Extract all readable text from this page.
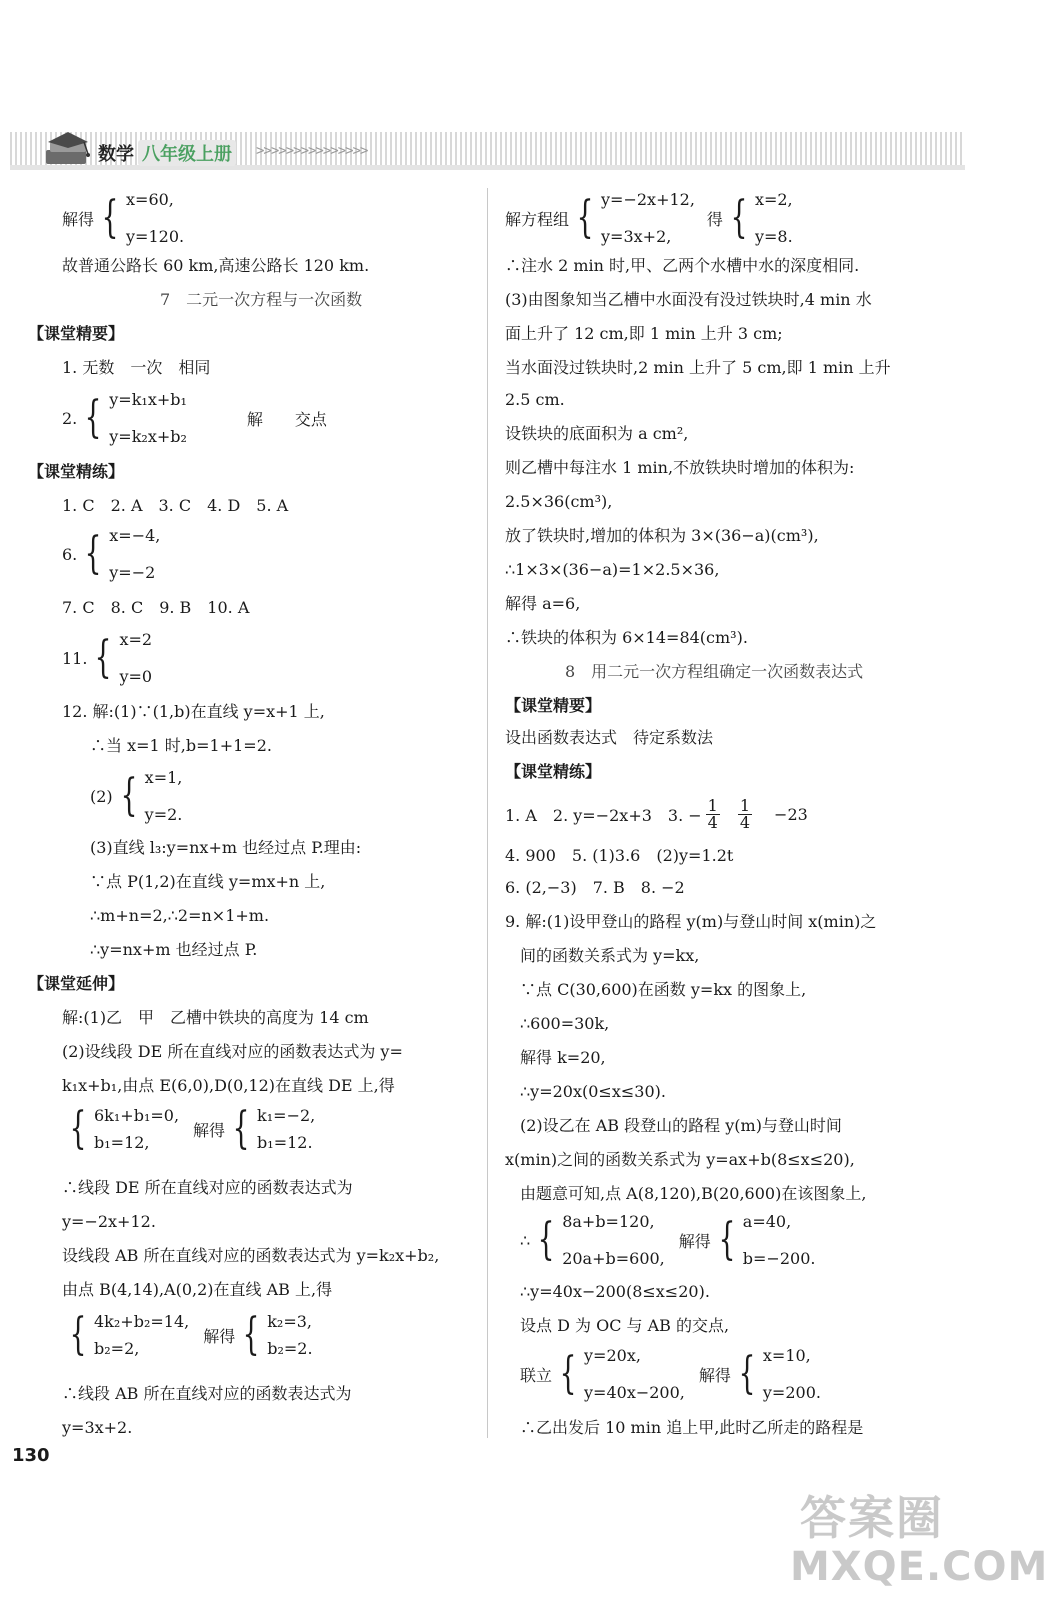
数学 八年级上册 >>>>>>>>>>>>>>>
解得 { x=60,
y=120.
故普通公路长 60 km,高速公路长 120 km.
7　二元一次方程与一次函数
【课堂精要】
1. 无数　一次　相同
2. { y=k₁x+b₁
y=k₂x+b₂
解　　交点
【课堂精练】
1. C　2. A　3. C　4. D　5. A
6. { x=−4,
y=−2
7. C　8. C　9. B　10. A
11. { x=2
y=0
12. 解:(1)∵(1,b)在直线 y=x+1 上,
∴当 x=1 时,b=1+1=2.
(2) { x=1,
y=2.
(3)直线 l₃:y=nx+m 也经过点 P.理由:
∵点 P(1,2)在直线 y=mx+n 上,
∴m+n=2,∴2=n×1+m.
∴y=nx+m 也经过点 P.
【课堂延伸】
解:(1)乙　甲　乙槽中铁块的高度为 14 cm
(2)设线段 DE 所在直线对应的函数表达式为 y=
k₁x+b₁,由点 E(6,0),D(0,12)在直线 DE 上,得
{ 6k₁+b₁=0,
b₁=12,
解得 { k₁=−2,
b₁=12.
∴线段 DE 所在直线对应的函数表达式为
y=−2x+12.
设线段 AB 所在直线对应的函数表达式为 y=k₂x+b₂,
由点 B(4,14),A(0,2)在直线 AB 上,得
{ 4k₂+b₂=14,
b₂=2,
解得 { k₂=3,
b₂=2.
∴线段 AB 所在直线对应的函数表达式为
y=3x+2.
解方程组 { y=−2x+12,
y=3x+2,
得 { x=2,
y=8.
∴注水 2 min 时,甲、乙两个水槽中水的深度相同.
(3)由图象知当乙槽中水面没有没过铁块时,4 min 水
面上升了 12 cm,即 1 min 上升 3 cm;
当水面没过铁块时,2 min 上升了 5 cm,即 1 min 上升
2.5 cm.
设铁块的底面积为 a cm²,
则乙槽中每注水 1 min,不放铁块时增加的体积为:
2.5×36(cm³),
放了铁块时,增加的体积为 3×(36−a)(cm³),
∴1×3×(36−a)=1×2.5×36,
解得 a=6,
∴铁块的体积为 6×14=84(cm³).
8　用二元一次方程组确定一次函数表达式
【课堂精要】
设出函数表达式　待定系数法
【课堂精练】
1. A　2. y=−2x+3　3. − $\frac{1}{4} \frac{1}{4} -23$
4. 900　5. (1)3.6　(2)y=1.2t
6. (2,−3)　7. B　8. −2
9. 解:(1)设甲登山的路程 y(m)与登山时间 x(min)之
间的函数关系式为 y=kx,
∵点 C(30,600)在函数 y=kx 的图象上,
∴600=30k,
解得 k=20,
∴y=20x(0≤x≤30).
(2)设乙在 AB 段登山的路程 y(m)与登山时间
x(min)之间的函数关系式为 y=ax+b(8≤x≤20),
由题意可知,点 A(8,120),B(20,600)在该图象上,
∴ { 8a+b=120,
20a+b=600,
解得 { a=40,
b=−200.
∴y=40x−200(8≤x≤20).
设点 D 为 OC 与 AB 的交点,
联立 { y=20x,
y=40x−200,
解得 { x=10,
y=200.
∴乙出发后 10 min 追上甲,此时乙所走的路程是
130
答案圈
MXQE.COM
